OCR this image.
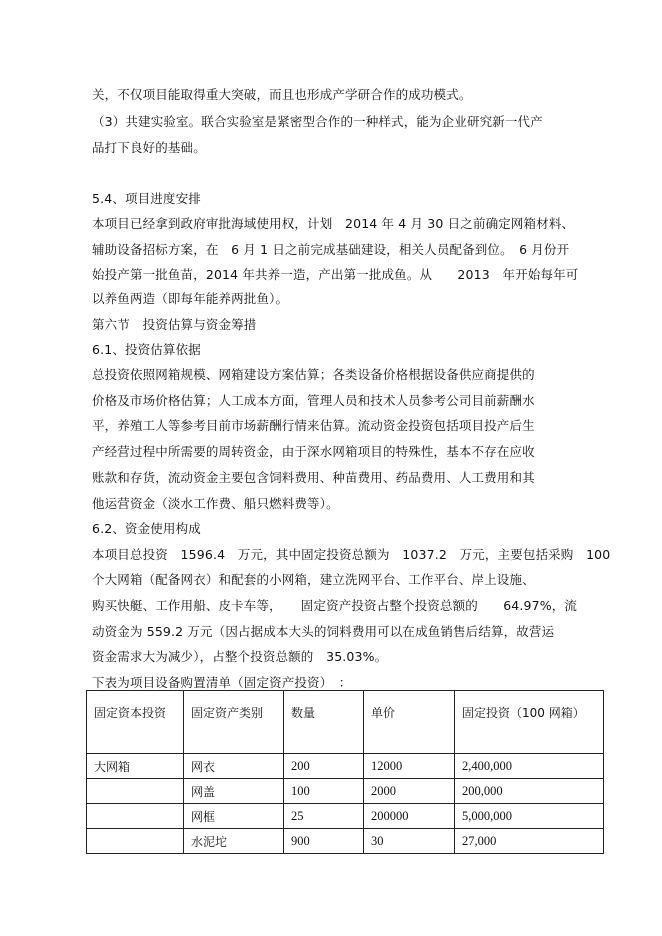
关，不仅项目能取得重大突破，而且也形成产学研合作的成功模式。
（3）共建实验室。联合实验室是紧密型合作的一种样式，能为企业研究新一代产
品打下良好的基础。
5.4、项目进度安排
本项目已经拿到政府审批海域使用权，计划　2014 年 4 月 30 日之前确定网箱材料、
辅助设备招标方案，在　6 月 1 日之前完成基础建设，相关人员配备到位。　6 月份开
始投产第一批鱼苗，2014 年共养一造，产出第一批成鱼。从　　2013　年开始每年可
以养鱼两造（即每年能养两批鱼）。
第六节　投资估算与资金筹措
6.1、投资估算依据
总投资依照网箱规模、网箱建设方案估算；各类设备价格根据设备供应商提供的
价格及市场价格估算；人工成本方面，管理人员和技术人员参考公司目前薪酬水
平，养殖工人等参考目前市场薪酬行情来估算。流动资金投资包括项目投产后生
产经营过程中所需要的周转资金，由于深水网箱项目的特殊性，基本不存在应收
账款和存货，流动资金主要包含饲料费用、种苗费用、药品费用、人工费用和其
他运营资金（淡水工作费、船只燃料费等）。
6.2、资金使用构成
本项目总投资　1596.4　万元，其中固定投资总额为　1037.2　万元，主要包括采购　100
个大网箱（配备网衣）和配套的小网箱，建立洗网平台、工作平台、岸上设施、
购买快艇、工作用船、皮卡车等，　　固定资产投资占整个投资总额的　　64.97%，流
动资金为 559.2 万元（因占据成本大头的饲料费用可以在成鱼销售后结算，故营运
资金需求大为减少），占整个投资总额的　35.03%。
下表为项目设备购置清单（固定资产投资）　：
固定资本投资	固定资产类别	数量	单价	固定投资（100 网箱）
大网箱	网衣	200	12000	2,400,000
	网盖	100	2000	200,000
	网框	25	200000	5,000,000
	水泥坨	900	30	27,000
